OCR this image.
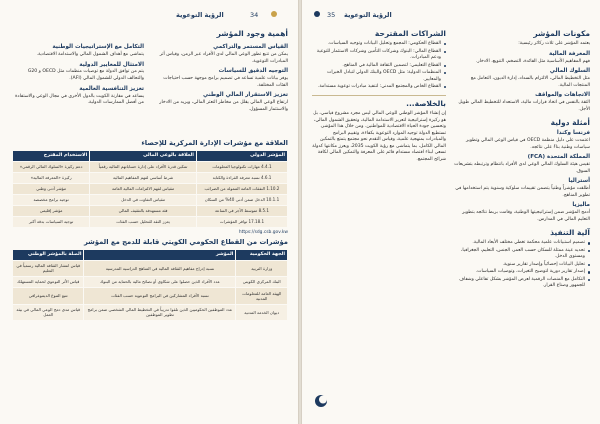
34
الرؤية التوعوية
أهمية وجود المؤشر
القياس المستمر والتراكمي
يمكن من تتبع تطور الوعي المالي لدى الأفراد عبر الزمن، وقياس أثر المبادرات التوعوية.
التوجيه الدقيق للسياسات
يوفر بيانات علمية تساعد في تصميم برامج موجهة حسب احتياجات الفئات المختلفة.
تعزيز الاستقرار المالي الوطني
ارتفاع الوعي المالي يقلل من مخاطر التعثر المالي، ويزيد من الادخار والاستثمار المسؤول.
التكامل مع الإستراتيجيات الوطنية
يتماشى مع أهداف الشمول المالي والاستدامة الاقتصادية.
الامتثال للمعايير الدولية
يتم من توافق الدولة مع توصيات منظمات مثل OECD و G20 والتحالف الدولي للشمول المالي (AFI).
تعزيز التنافسية العالمية
يساعد في مقارنة الكويت بالدول الأخرى في مجال الوعي والاستفادة من أفضل الممارسات الدولية.
العلاقة مع مؤشرات الإدارة المركزية للإحصاء
المؤشر الدولي	العلاقة بالوعي المالي	الاستخدام المقترح
4.4.1 مهارات تكنولوجيا المعلومات	تمكين قدرة الأفراد على إدارة حساباتهم المالية رقمياً	دعم ركيزة «السلوك المالي الرقمي»
4.6.1 نسبة معرفة القراءة والكتابة	شرط أساسي لفهم المفاهيم المالية	ركيزة «المعرفة المالية»
1.10.2 النفقات العامة الممولة من الضرائب	مقياس لفهم الالتزامات المالية العامة	مؤشر أدنى وطني
10.1.1 الدخل ضمن أدنى 40% من السكان	مقياس التفاوت في الدخل	توجيه برامج مخصصة
8.5.1 متوسط الأجر في الساعة	فئة مستهدفة بالتثقيف المالي	مؤشر إقليمي
17.18.1 توافر المؤشرات	يعزز الثقة للتحليل حسب الفئات	توجيه السياسات بدقة أكبر
https://sdg.csb.gov.kw
مؤشرات من القطاع الحكومي الكويتي قابلة للدمج مع المؤشر
الجهة الحكومية	المؤشر	الصلة بالمؤشر الوطني
وزارة التربية	نسبة إدراج مفاهيم الثقافة المالية في المناهج الدراسية المدرسية	قياس انتشار الثقافة المالية رسمياً في التعليم
البنك المركزي الكويتي	عدد الأفراد الذين حصلوا على شكاوى أو نصائح مالية بالحماية من البنوك	قياس الأثر التوعوي لحماية المستهلك
الهيئة العامة للمعلومات المدنية	نسبة الأفراد المشاركين في البرامج التوعوية حسب الفئات	تتبع التنوع الديموغرافي
ديوان الخدمة المدنية	عدد الموظفين الحكوميين الذين تلقوا تدريباً في التخطيط المالي الشخصي ضمن برامج تطوير الموظفين	قياس مدى دمج الوعي المالي في بيئة العمل
35 الرؤية التوعوية
مكونات المؤشر
يعتمد المؤشر على ثلاث ركائز رئيسية:
المعرفة المالية
فهم المفاهيم الأساسية مثل الفائدة، التضخم، التنويع، الادخار.
السلوك المالي
مثل التخطيط المالي، الالتزام بالسداد، إدارة الديون، التعامل مع المنتجات المالية.
الاتجاهات والمواقف
الثقة بالنفس في اتخاذ قرارات مالية، الاستعداد للتخطيط المالي طويل الأجل.
أمثلة دولية
فرنسا وكندا
اعتمدت على دليل منظمة OECD في قياس الوعي المالي وتطوير سياسات وطنية بناءً على نتائجه.
المملكة المتحدة (FCA)
تقيس هيئة السلوك المالي الوعي لدى الأفراد بانتظام وترتبطه بتشريعات السوق.
أستراليا
أطلقت مؤشراً وطنياً يتضمن تقييمات سلوكية وسنوية يتم استخدامها في تطوير المناهج.
ماليزيا
أدمج المؤشر ضمن إستراتيجيتها الوطنية، وقامت بربط نتائجه بتطوير التعليم المالي في المدارس.
آلية التنفيذ
تصميم استبيانات علمية محكمة تغطي مختلف الأبعاد المالية.
تحديد عينة ممثلة للسكان حسب العمر، الجنس، التعليم، الجغرافيا، ومستوى الدخل.
تحليل البيانات إحصائياً وإصدار تقارير سنوية.
إصدار تقارير دورية لتوضيح التغيرات، وتوصيات السياسات.
التكامل مع المنصات الرقمية لعرض المؤشر بشكل تفاعلي وشفاف للجمهور وصناع القرار.
الشراكات المقترحة
القطاع الحكومي: المجمع وتحليل البيانات وتوجيه السياسات.
القطاع المالي: البنوك وشركات التأمين وشركات الاستثمار للتوعية ودعم المبادرات.
القطاع التعليمي: لتضمين الثقافة المالية في المناهج.
المنظمات الدولية: مثل OECD والبنك الدولي لتبادل الخبرات والمعايير.
القطاع الخاص والمجتمع المدني: لتنفيذ مبادرات توعوية مستدامة.
بالخلاصة...
إن إنشاء المؤشر الوطني للوعي المالي ليس مجرد مشروع قياسي، بل هو ركيزة إستراتيجية لتعزيز الاستدامة المالية، وتحقيق الشمول المالي، وتحسين جودة الحياة الاقتصادية للمواطنين. ومن خلال هذا المؤشر، تستطيع الدولة توجيه الموارد التوعوية بكفاءة، وتقييم البرامج والمبادرات بمنهجية علمية، وقياس التقدم نحو مجتمع يتمتع بالتمكين المالي الكامل، بما يتماشى مع رؤية الكويت 2035، ويعزز مكانتها كدولة تسعى لبناء اقتصاد مستدام قائم على المعرفة والتمكين المالي لكافة شرائح المجتمع.
